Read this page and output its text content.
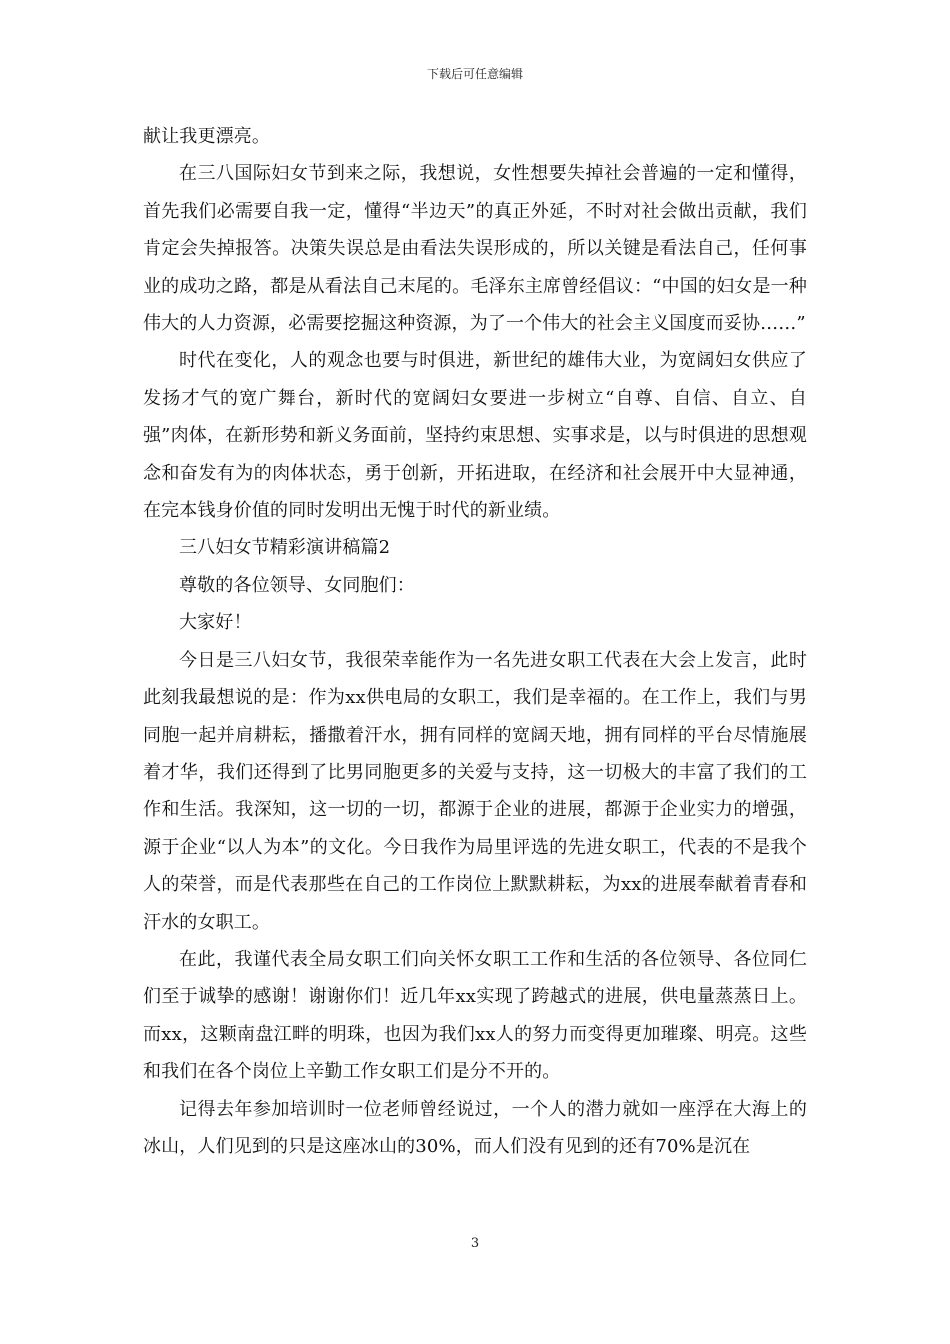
下载后可任意编辑

献让我更漂亮。

在三八国际妇女节到来之际，我想说，女性想要失掉社会普遍的一定和懂得，首先我们必需要自我一定，懂得“半边天”的真正外延，不时对社会做出贡献，我们肯定会失掉报答。决策失误总是由看法失误形成的，所以关键是看法自己，任何事业的成功之路，都是从看法自己末尾的。毛泽东主席曾经倡议：“中国的妇女是一种伟大的人力资源，必需要挖掘这种资源，为了一个伟大的社会主义国度而妥协……”

时代在变化，人的观念也要与时俱进，新世纪的雄伟大业，为宽阔妇女供应了发扬才气的宽广舞台，新时代的宽阔妇女要进一步树立“自尊、自信、自立、自强”肉体，在新形势和新义务面前，坚持约束思想、实事求是，以与时俱进的思想观念和奋发有为的肉体状态，勇于创新，开拓进取，在经济和社会展开中大显神通，在完本钱身价值的同时发明出无愧于时代的新业绩。

三八妇女节精彩演讲稿篇2

尊敬的各位领导、女同胞们：

大家好！

今日是三八妇女节，我很荣幸能作为一名先进女职工代表在大会上发言，此时此刻我最想说的是：作为xx供电局的女职工，我们是幸福的。在工作上，我们与男同胞一起并肩耕耘，播撒着汗水，拥有同样的宽阔天地，拥有同样的平台尽情施展着才华，我们还得到了比男同胞更多的关爱与支持，这一切极大的丰富了我们的工作和生活。我深知，这一切的一切，都源于企业的进展，都源于企业实力的增强，源于企业“以人为本”的文化。今日我作为局里评选的先进女职工，代表的不是我个人的荣誉，而是代表那些在自己的工作岗位上默默耕耘，为xx的进展奉献着青春和汗水的女职工。

在此，我谨代表全局女职工们向关怀女职工工作和生活的各位领导、各位同仁们至于诚挚的感谢！谢谢你们！近几年xx实现了跨越式的进展，供电量蒸蒸日上。而xx，这颗南盘江畔的明珠，也因为我们xx人的努力而变得更加璀璨、明亮。这些和我们在各个岗位上辛勤工作女职工们是分不开的。

记得去年参加培训时一位老师曾经说过，一个人的潜力就如一座浮在大海上的冰山，人们见到的只是这座冰山的30%，而人们没有见到的还有70%是沉在

3
